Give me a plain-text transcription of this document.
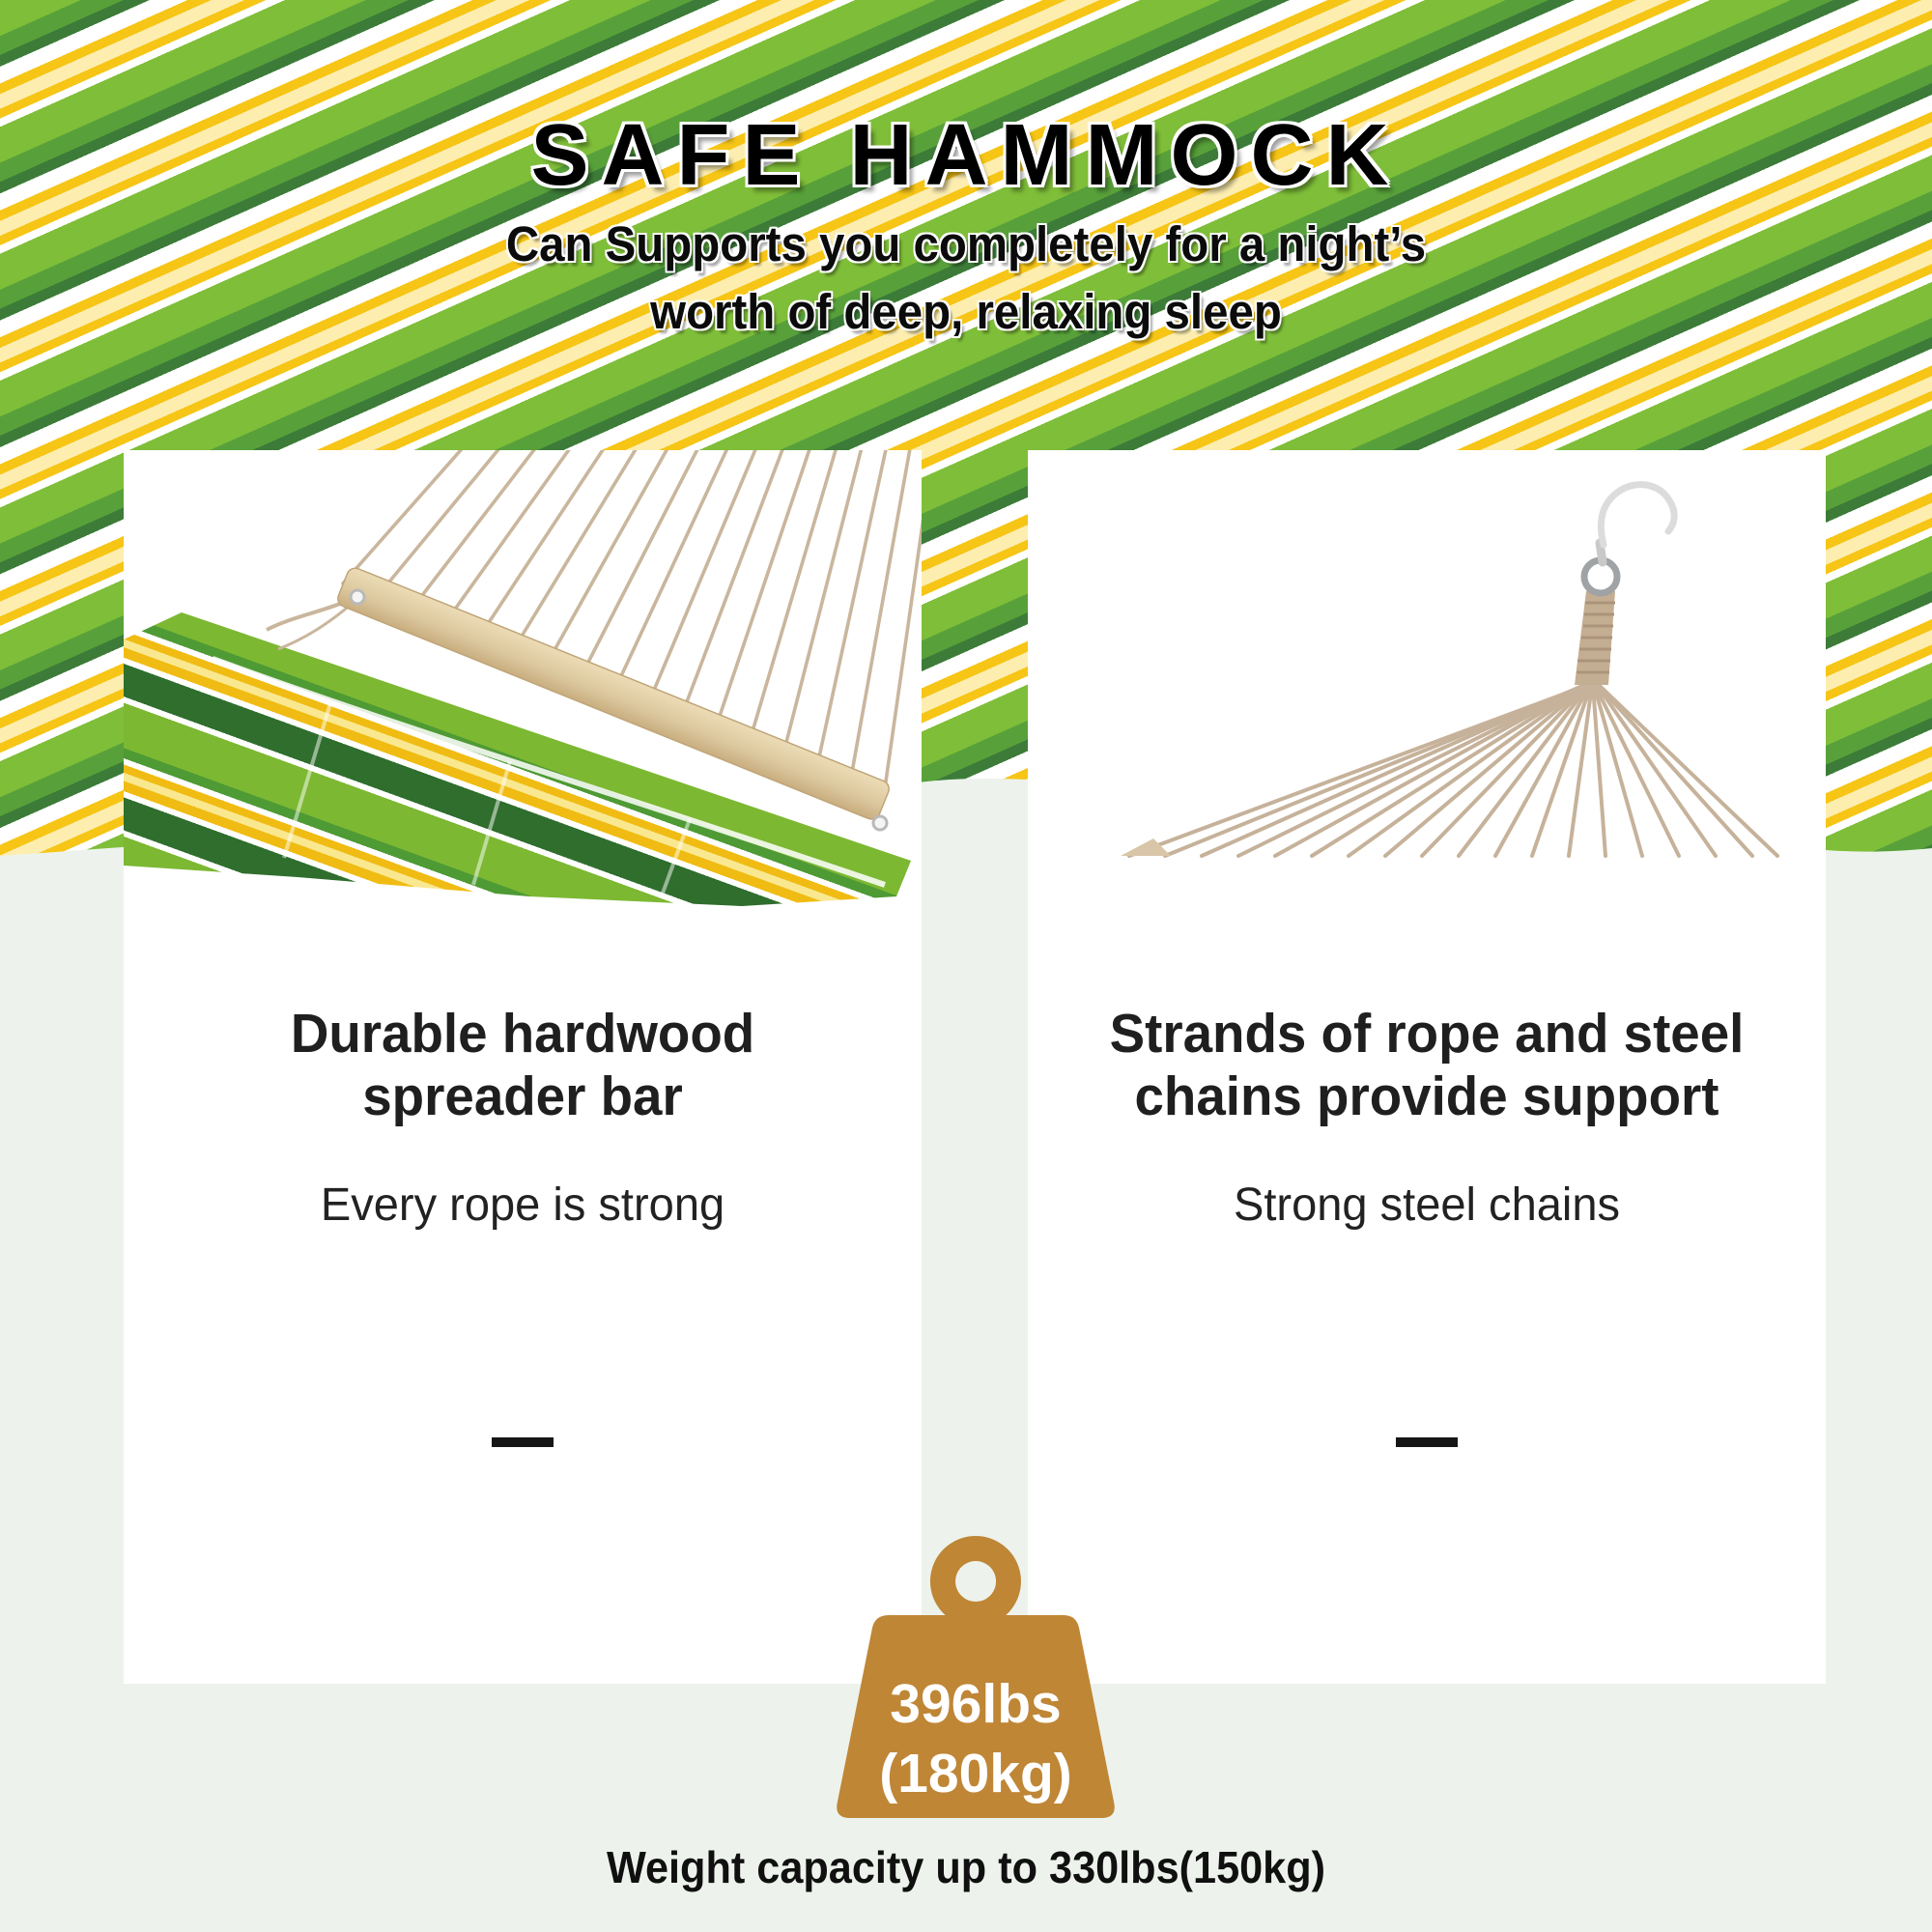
SAFE HAMMOCK
Can Supports you completely for a night’s
worth of deep, relaxing sleep
Durable hardwood
spreader bar
Every rope is strong
Strands of rope and steel
chains provide support
Strong steel chains
396lbs
(180kg)
Weight capacity up to 330lbs(150kg)
